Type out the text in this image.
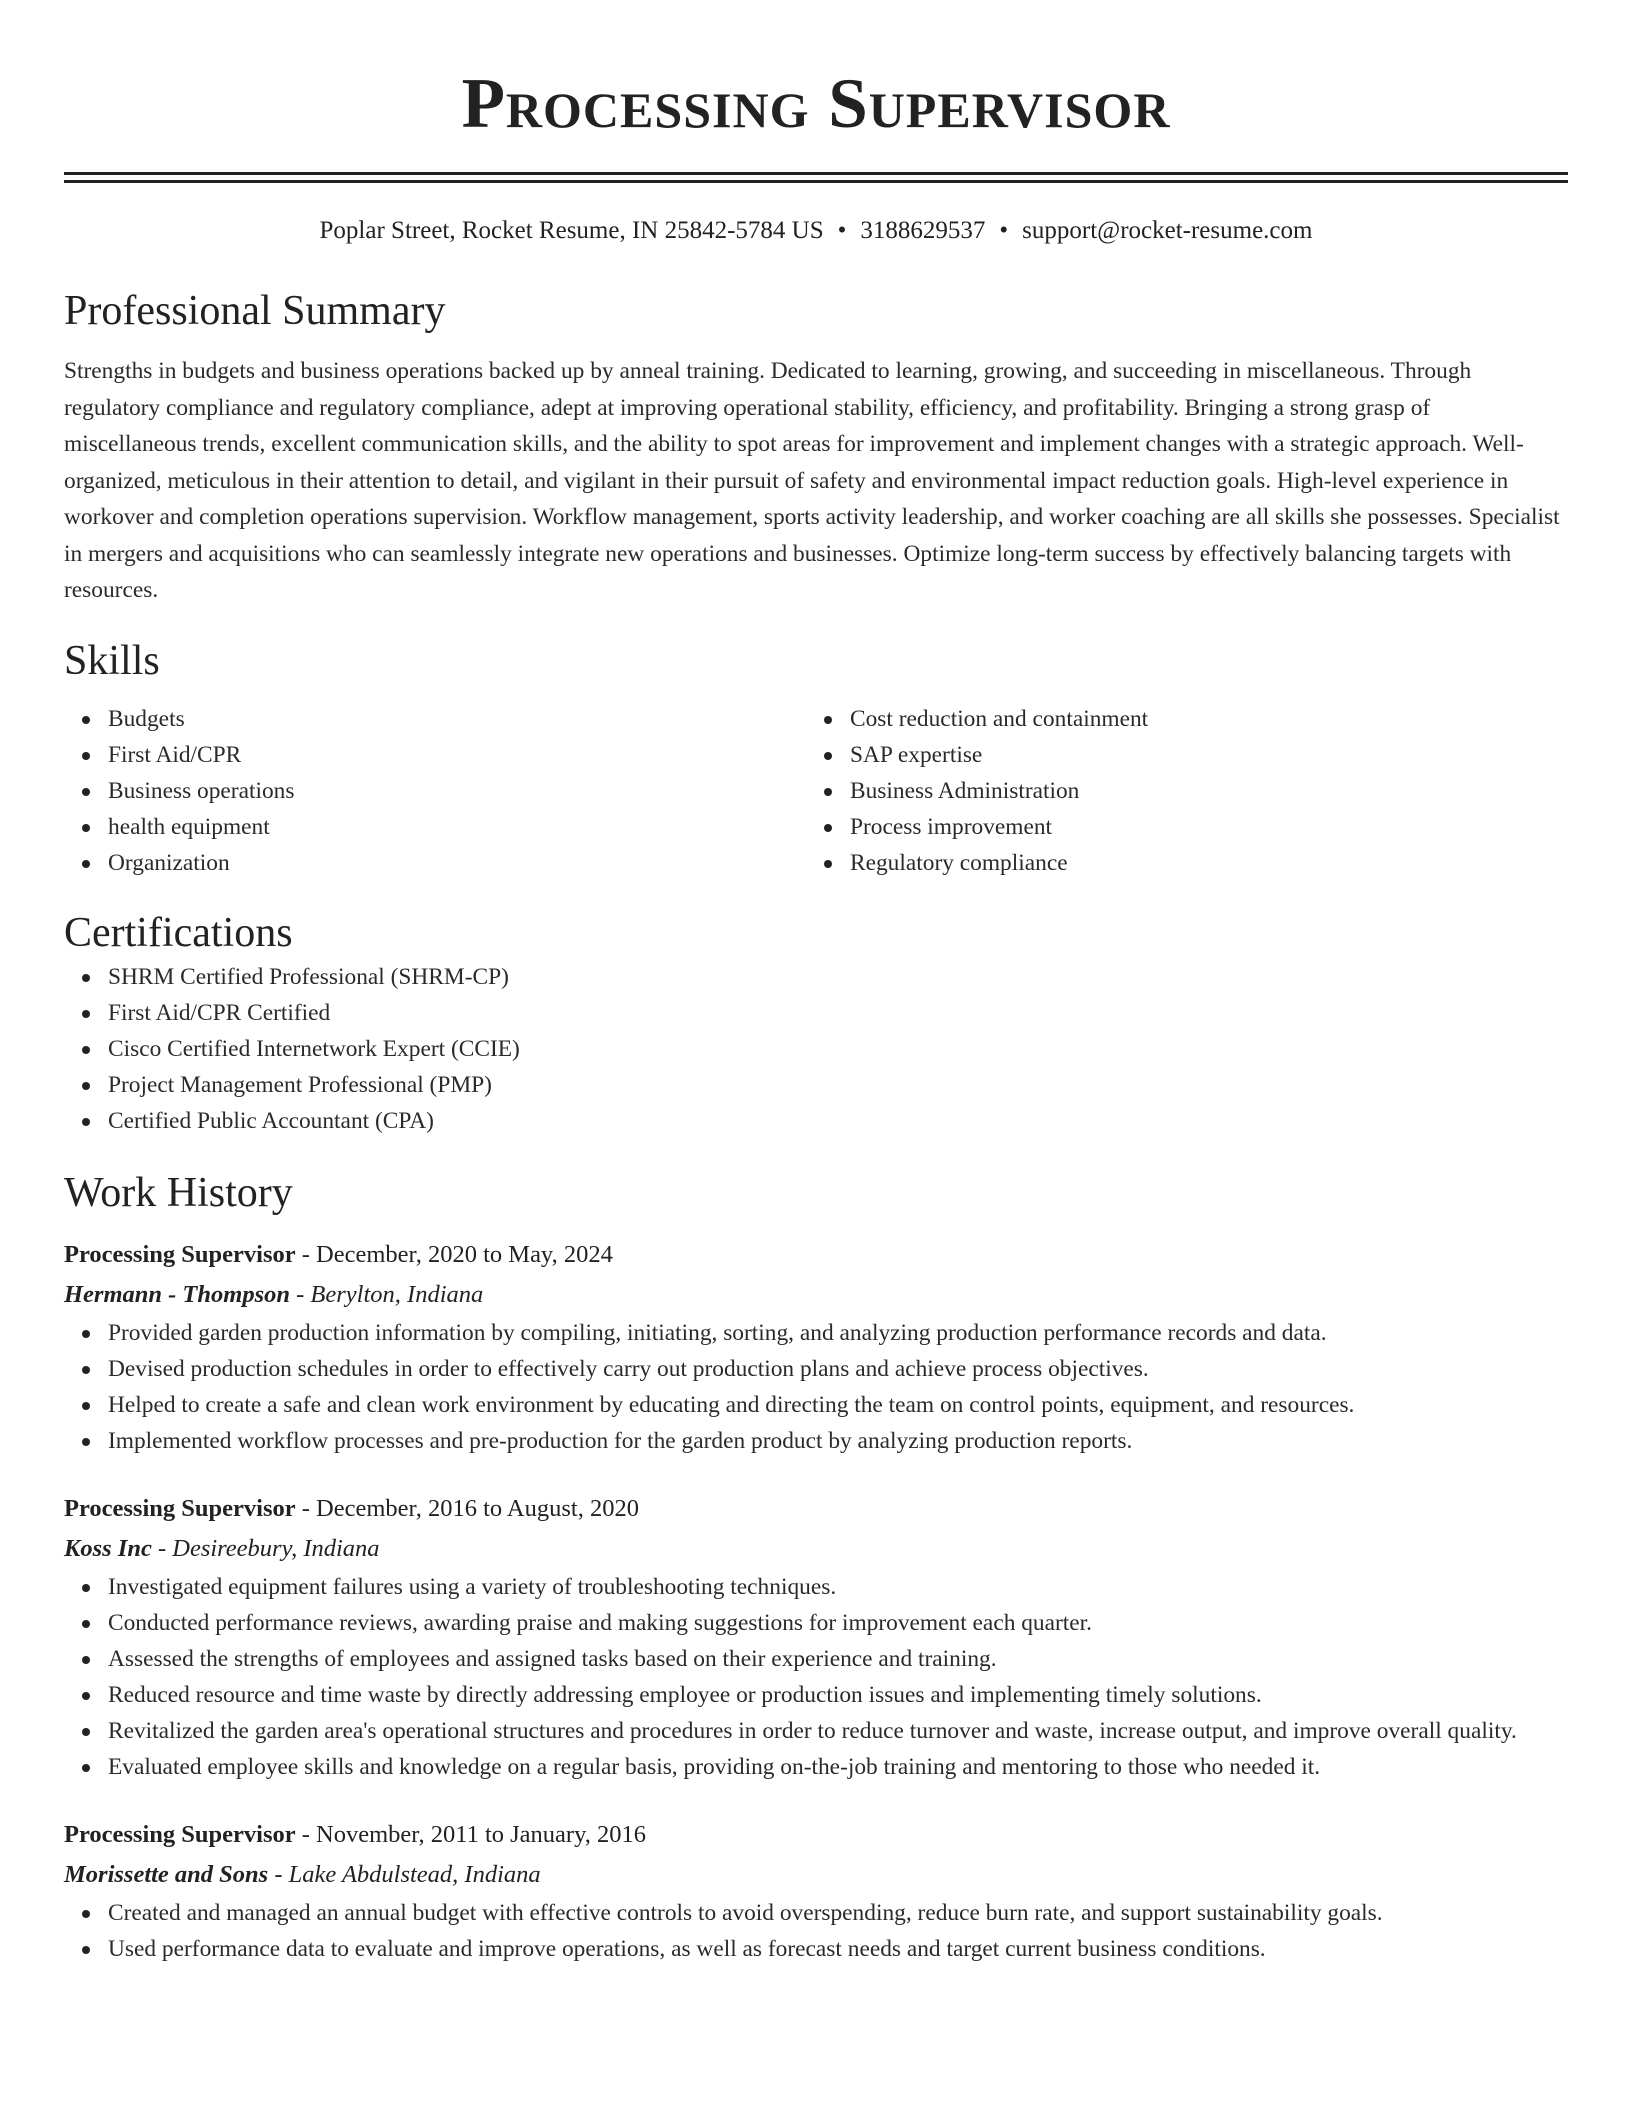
Processing Supervisor
Poplar Street, Rocket Resume, IN 25842-5784 US • 3188629537 • support@rocket-resume.com
Professional Summary

Strengths in budgets and business operations backed up by anneal training. Dedicated to learning, growing, and succeeding in miscellaneous. Through regulatory compliance and regulatory compliance, adept at improving operational stability, efficiency, and profitability. Bringing a strong grasp of miscellaneous trends, excellent communication skills, and the ability to spot areas for improvement and implement changes with a strategic approach. Well-organized, meticulous in their attention to detail, and vigilant in their pursuit of safety and environmental impact reduction goals. High-level experience in workover and completion operations supervision. Workflow management, sports activity leadership, and worker coaching are all skills she possesses. Specialist in mergers and acquisitions who can seamlessly integrate new operations and businesses. Optimize long-term success by effectively balancing targets with resources.

Skills
Budgets
First Aid/CPR
Business operations
health equipment
Organization
Cost reduction and containment
SAP expertise
Business Administration
Process improvement
Regulatory compliance
Certifications
SHRM Certified Professional (SHRM-CP)
First Aid/CPR Certified
Cisco Certified Internetwork Expert (CCIE)
Project Management Professional (PMP)
Certified Public Accountant (CPA)
Work History
Processing Supervisor - December, 2020 to May, 2024
Hermann - Thompson - Berylton, Indiana
Provided garden production information by compiling, initiating, sorting, and analyzing production performance records and data.
Devised production schedules in order to effectively carry out production plans and achieve process objectives.
Helped to create a safe and clean work environment by educating and directing the team on control points, equipment, and resources.
Implemented workflow processes and pre-production for the garden product by analyzing production reports.
Processing Supervisor - December, 2016 to August, 2020
Koss Inc - Desireebury, Indiana
Investigated equipment failures using a variety of troubleshooting techniques.
Conducted performance reviews, awarding praise and making suggestions for improvement each quarter.
Assessed the strengths of employees and assigned tasks based on their experience and training.
Reduced resource and time waste by directly addressing employee or production issues and implementing timely solutions.
Revitalized the garden area's operational structures and procedures in order to reduce turnover and waste, increase output, and improve overall quality.
Evaluated employee skills and knowledge on a regular basis, providing on-the-job training and mentoring to those who needed it.
Processing Supervisor - November, 2011 to January, 2016
Morissette and Sons - Lake Abdulstead, Indiana
Created and managed an annual budget with effective controls to avoid overspending, reduce burn rate, and support sustainability goals.
Used performance data to evaluate and improve operations, as well as forecast needs and target current business conditions.
